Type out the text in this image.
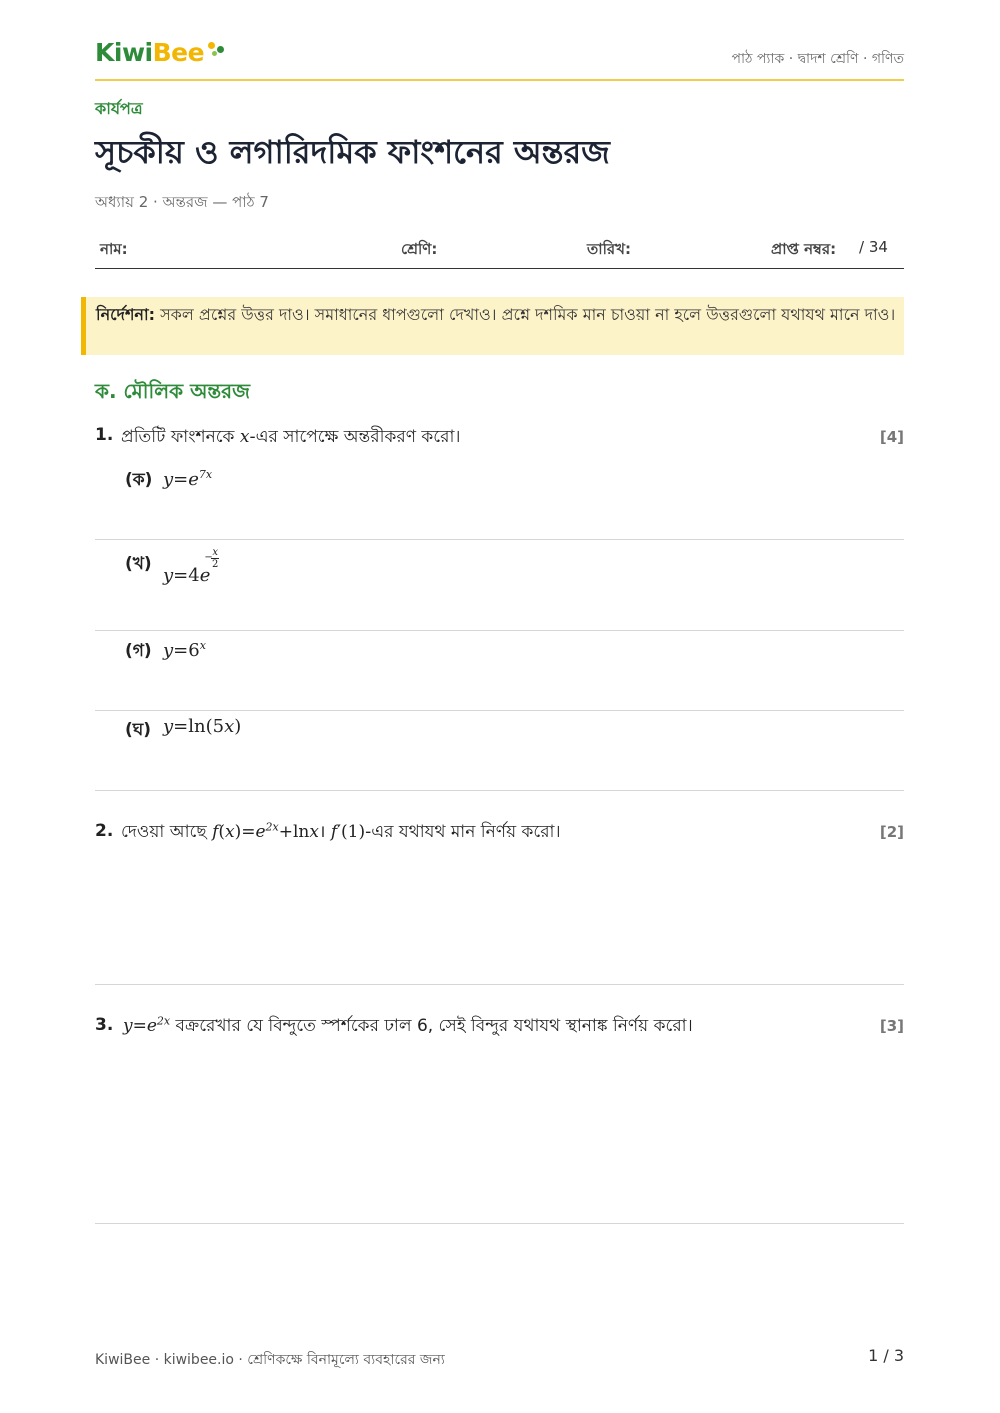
KiwiBee	পাঠ প্যাক · দ্বাদশ শ্রেণি · গণিত
কার্যপত্র
সূচকীয় ও লগারিদমিক ফাংশনের অন্তরজ
অধ্যায় 2 · অন্তরজ — পাঠ 7
নাম:	শ্রেণি:	তারিখ:	প্রাপ্ত নম্বর: / 34
নির্দেশনা: সকল প্রশ্নের উত্তর দাও। সমাধানের ধাপগুলো দেখাও। প্রশ্নে দশমিক মান চাওয়া না হলে উত্তরগুলো যথাযথ মানে দাও।
ক. মৌলিক অন্তরজ
1. প্রতিটি ফাংশনকে x-এর সাপেক্ষে অন্তরীকরণ করো।	[4]
(ক) $y=e^{7x}$
(খ)
y=4e
− x
2
(গ) $y=6^x$
(ঘ) y=ln(5x)
2. দেওয়া আছে $f(x)=e^{2x}+\ln x।$ f′(1)-এর যথাযথ মান নির্ণয় করো।	[2]
3. $y=e^{2x}$ বক্ররেখার যে বিন্দুতে স্পর্শকের ঢাল 6, সেই বিন্দুর যথাযথ স্থানাঙ্ক নির্ণয় করো।	[3]
KiwiBee · kiwibee.io · শ্রেণিকক্ষে বিনামূল্যে ব্যবহারের জন্য	1 / 3
